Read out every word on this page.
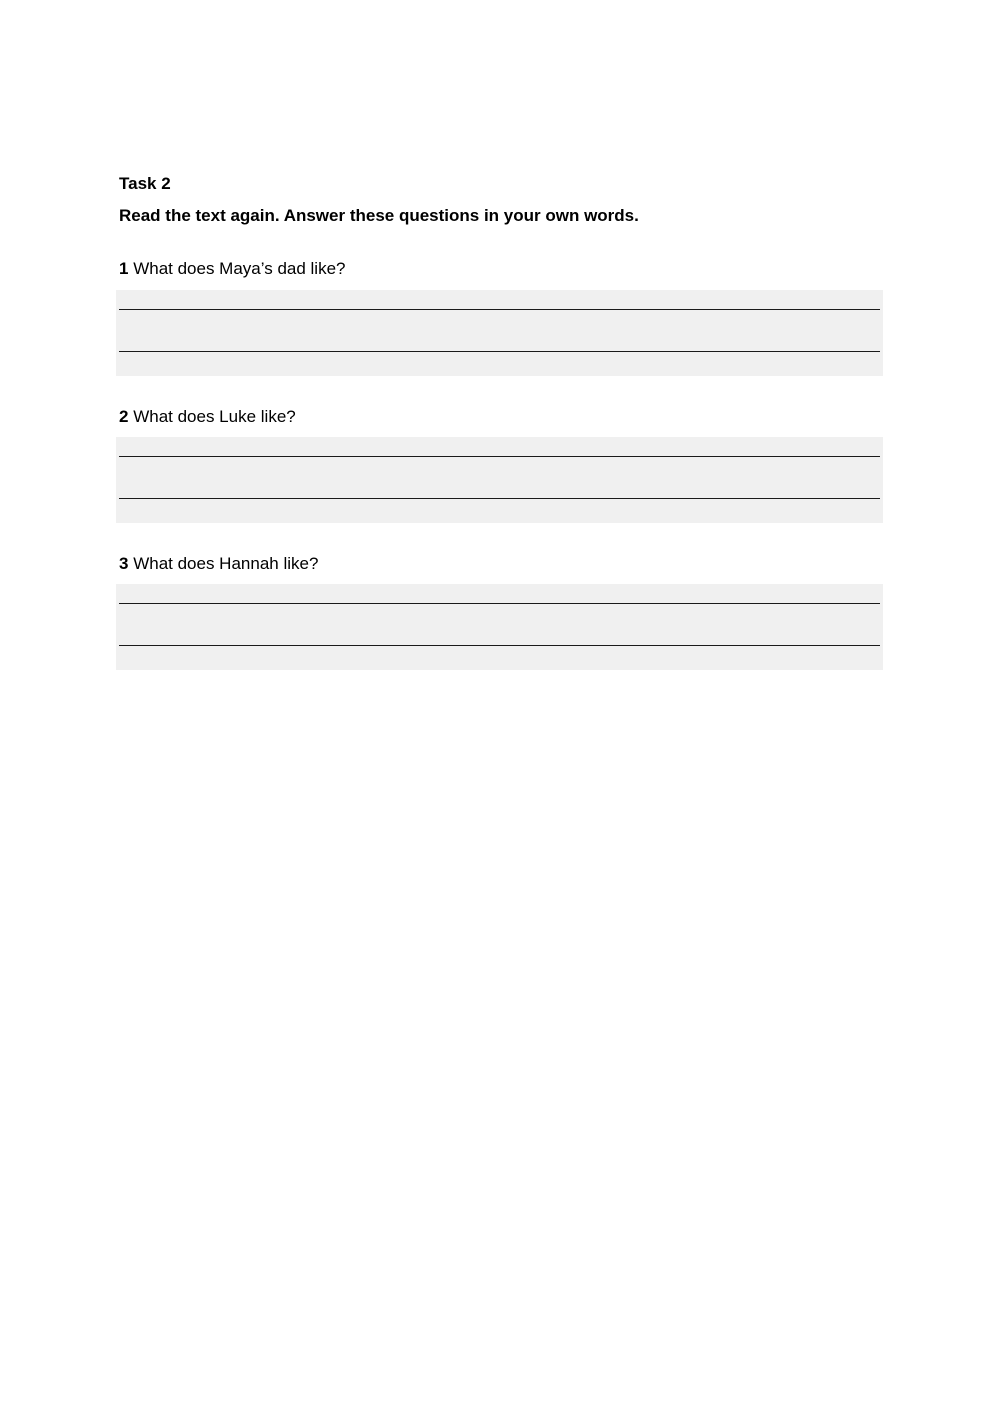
Task 2
Read the text again. Answer these questions in your own words.
1 What does Maya’s dad like?
2 What does Luke like?
3 What does Hannah like?
